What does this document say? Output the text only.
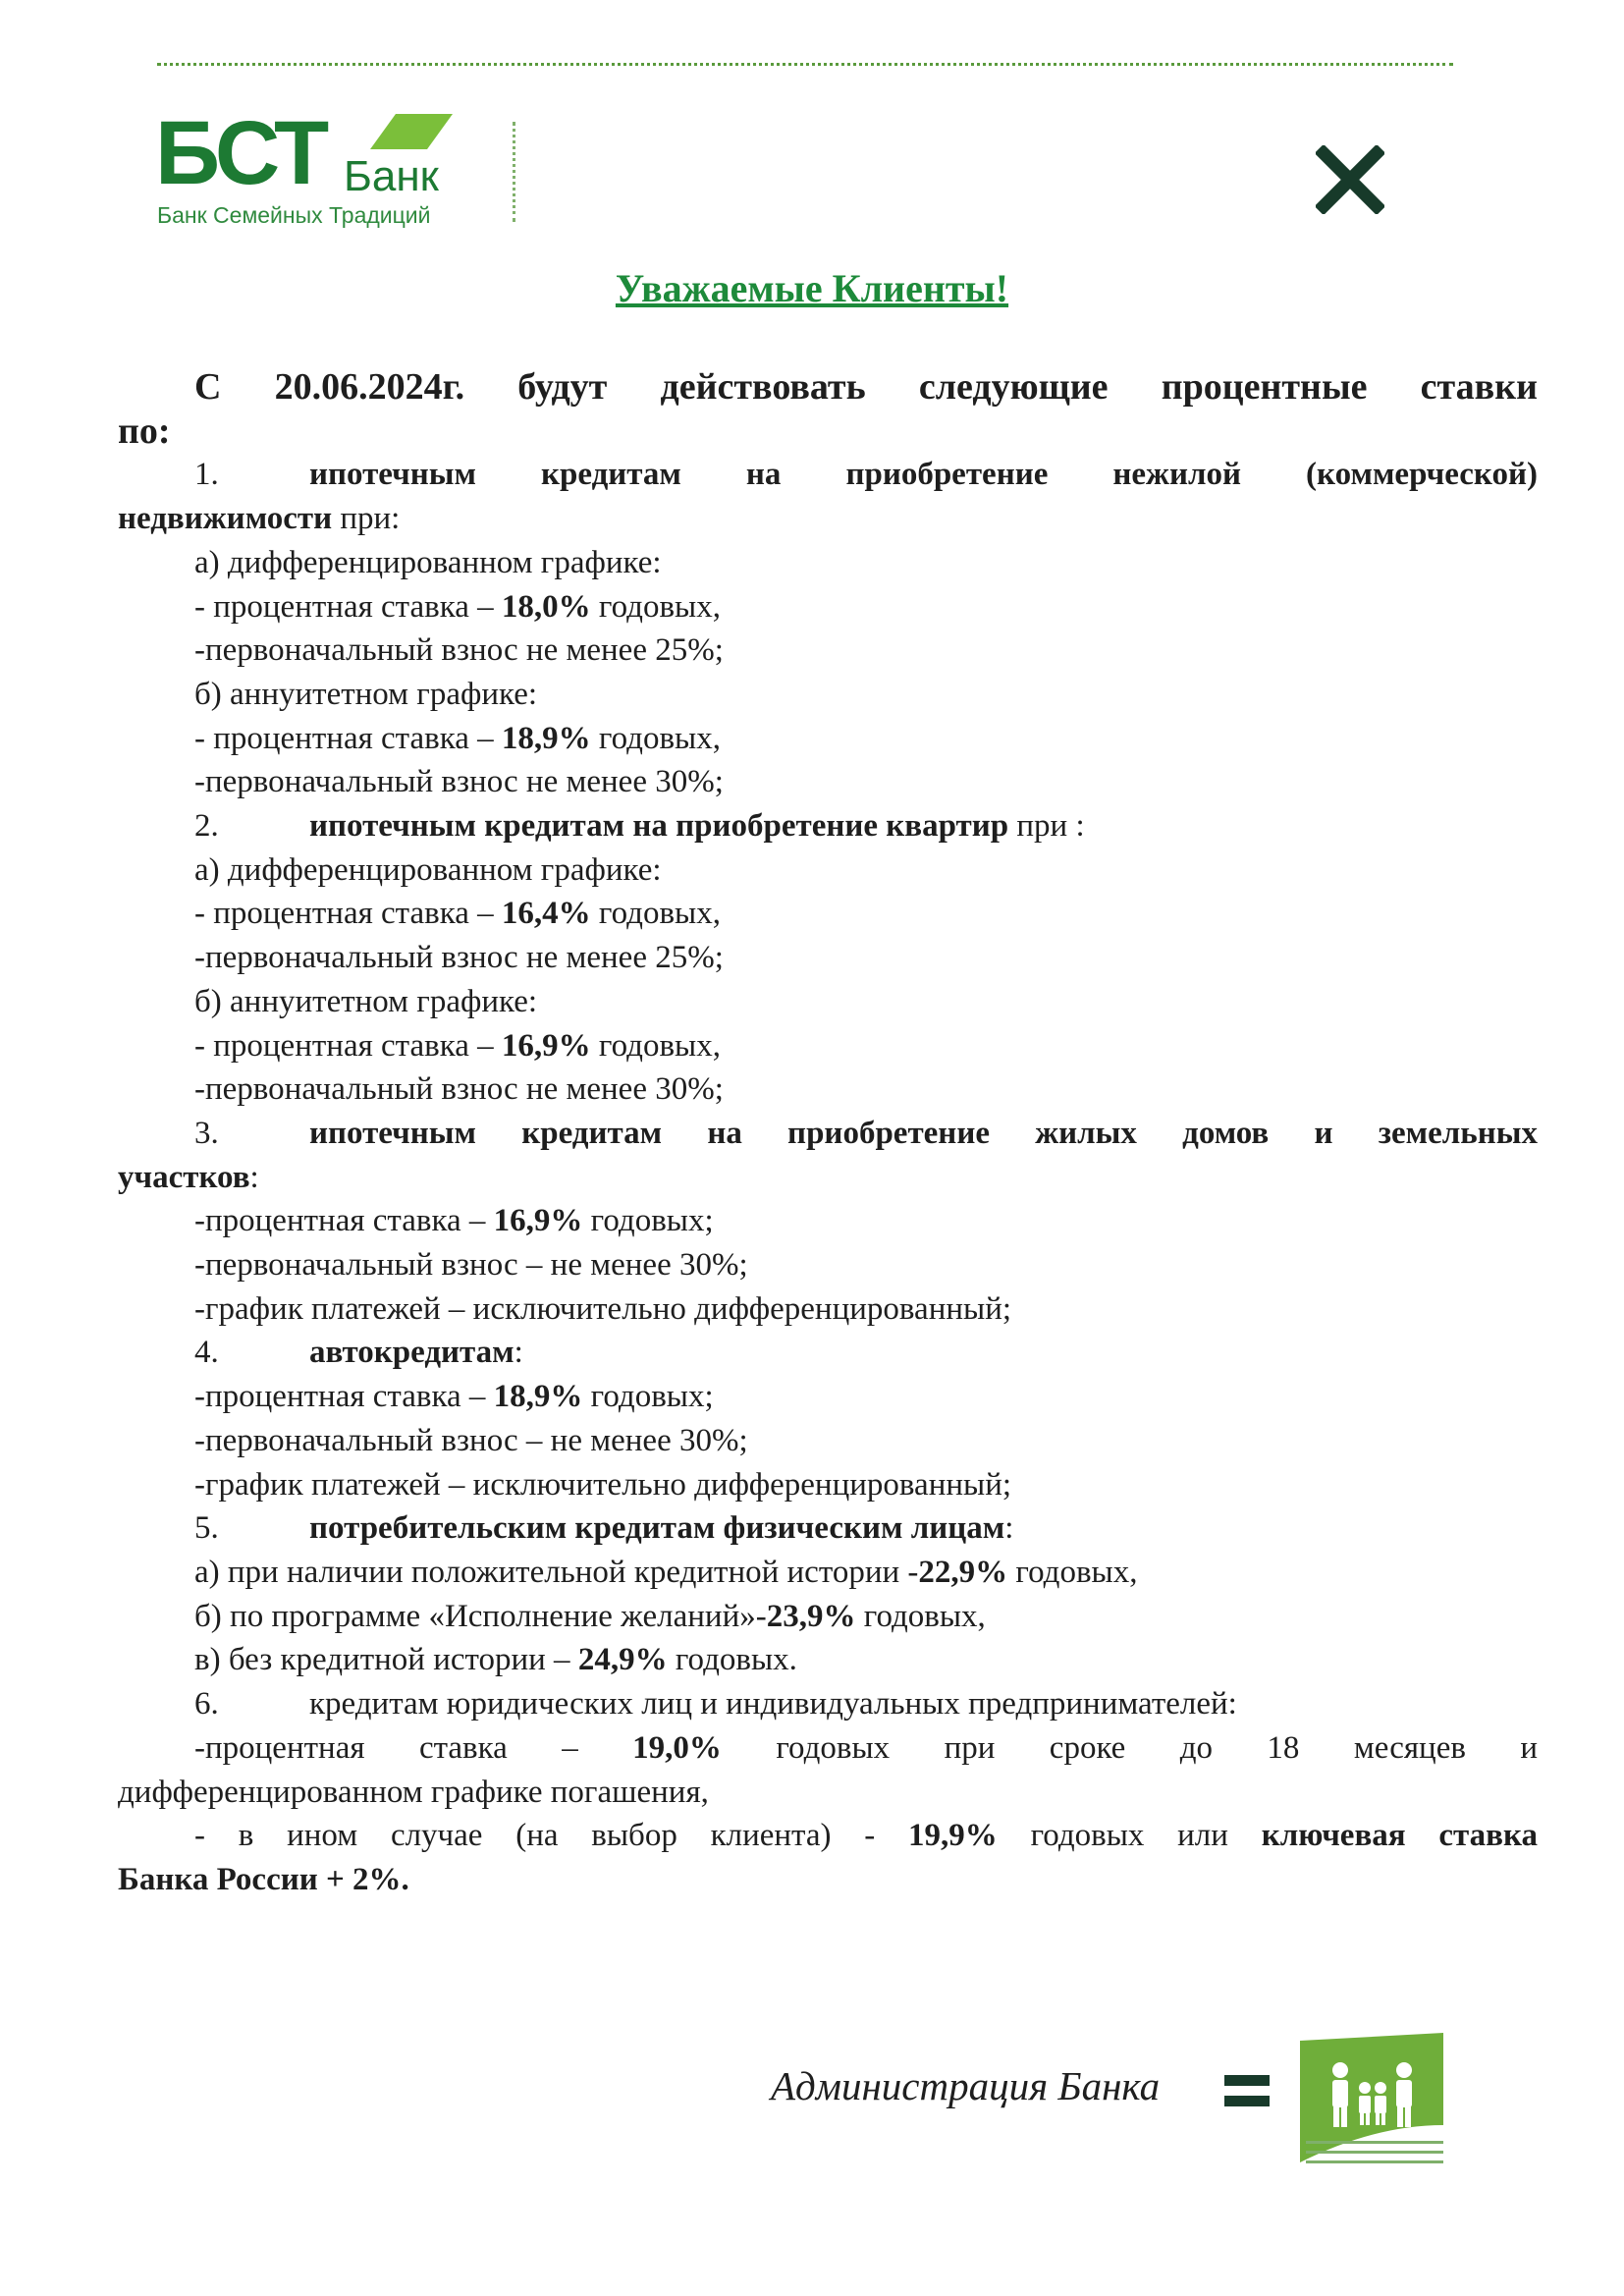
БСТ Банк
Банк Семейных Традиций
Уважаемые Клиенты!

С 20.06.2024г. будут действовать следующие процентные ставки

по:

1.	ипотечным кредитам на приобретение нежилой (коммерческой)

недвижимости при:

а) дифференцированном графике:

- процентная ставка – 18,0% годовых,

-первоначальный взнос не менее 25%;

б) аннуитетном графике:

- процентная ставка – 18,9% годовых,

-первоначальный взнос не менее 30%;

2.	ипотечным кредитам на приобретение квартир при :

а) дифференцированном графике:

- процентная ставка – 16,4% годовых,

-первоначальный взнос не менее 25%;

б) аннуитетном графике:

- процентная ставка – 16,9% годовых,

-первоначальный взнос не менее 30%;

3.	ипотечным кредитам на приобретение жилых домов и земельных

участков:

-процентная ставка – 16,9% годовых;

-первоначальный взнос – не менее 30%;

-график платежей – исключительно дифференцированный;

4.	автокредитам:

-процентная ставка – 18,9% годовых;

-первоначальный взнос – не менее 30%;

-график платежей – исключительно дифференцированный;

5.	потребительским кредитам физическим лицам:

а) при наличии положительной кредитной истории -22,9% годовых,

б) по программе «Исполнение желаний»-23,9% годовых,

в) без кредитной истории – 24,9% годовых.

6.	кредитам юридических лиц и индивидуальных предпринимателей:

-процентная ставка – 19,0% годовых при сроке до 18 месяцев и

дифференцированном графике погашения,

- в ином случае (на выбор клиента) - 19,9% годовых или ключевая ставка

Банка России + 2%.

Администрация Банка
